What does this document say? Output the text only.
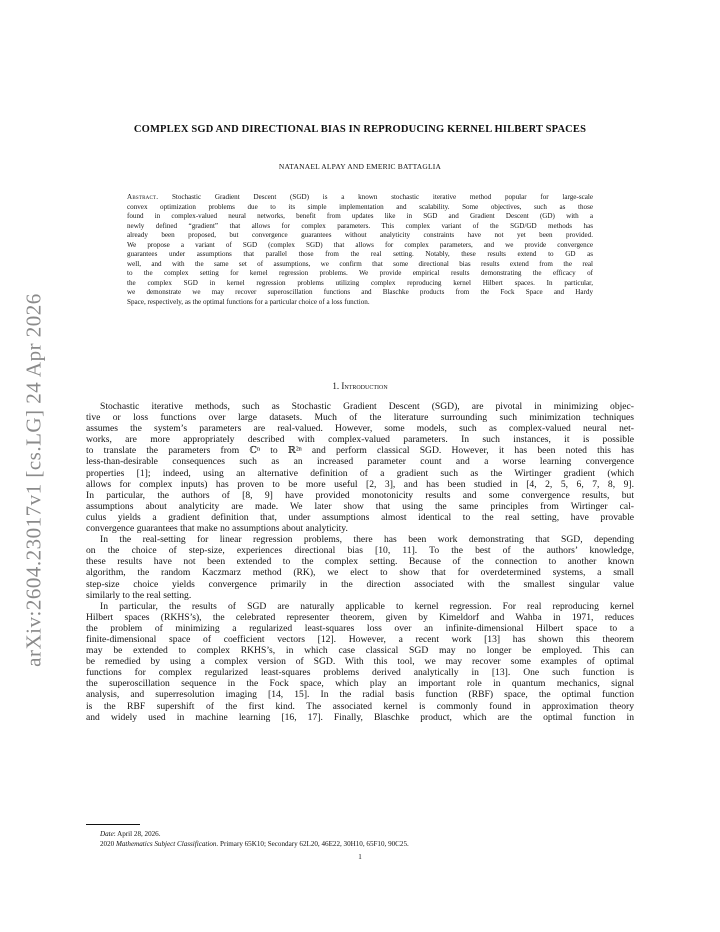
arXiv:2604.23017v1 [cs.LG] 24 Apr 2026
COMPLEX SGD AND DIRECTIONAL BIAS IN REPRODUCING KERNEL HILBERT SPACES
NATANAEL ALPAY AND EMERIC BATTAGLIA
Abstract. Stochastic Gradient Descent (SGD) is a known stochastic iterative method popular for large-scale
convex optimization problems due to its simple implementation and scalability. Some objectives, such as those
found in complex-valued neural networks, benefit from updates like in SGD and Gradient Descent (GD) with a
newly defined “gradient” that allows for complex parameters. This complex variant of the SGD/GD methods has
already been proposed, but convergence guarantees without analyticity constraints have not yet been provided.
We propose a variant of SGD (complex SGD) that allows for complex parameters, and we provide convergence
guarantees under assumptions that parallel those from the real setting. Notably, these results extend to GD as
well, and with the same set of assumptions, we confirm that some directional bias results extend from the real
to the complex setting for kernel regression problems. We provide empirical results demonstrating the efficacy of
the complex SGD in kernel regression problems utilizing complex reproducing kernel Hilbert spaces. In particular,
we demonstrate we may recover superoscillation functions and Blaschke products from the Fock Space and Hardy
Space, respectively, as the optimal functions for a particular choice of a loss function.
1. Introduction
Stochastic iterative methods, such as Stochastic Gradient Descent (SGD), are pivotal in minimizing objec-
tive or loss functions over large datasets. Much of the literature surrounding such minimization techniques
assumes the system’s parameters are real-valued. However, some models, such as complex-valued neural net-
works, are more appropriately described with complex-valued parameters. In such instances, it is possible
to translate the parameters from ℂⁿ to ℝ²ⁿ and perform classical SGD. However, it has been noted this has
less-than-desirable consequences such as an increased parameter count and a worse learning convergence
properties [1]; indeed, using an alternative definition of a gradient such as the Wirtinger gradient (which
allows for complex inputs) has proven to be more useful [2, 3], and has been studied in [4, 2, 5, 6, 7, 8, 9].
In particular, the authors of [8, 9] have provided monotonicity results and some convergence results, but
assumptions about analyticity are made. We later show that using the same principles from Wirtinger cal-
culus yields a gradient definition that, under assumptions almost identical to the real setting, have provable
convergence guarantees that make no assumptions about analyticity.
In the real-setting for linear regression problems, there has been work demonstrating that SGD, depending
on the choice of step-size, experiences directional bias [10, 11]. To the best of the authors’ knowledge,
these results have not been extended to the complex setting. Because of the connection to another known
algorithm, the random Kaczmarz method (RK), we elect to show that for overdetermined systems, a small
step-size choice yields convergence primarily in the direction associated with the smallest singular value
similarly to the real setting.
In particular, the results of SGD are naturally applicable to kernel regression. For real reproducing kernel
Hilbert spaces (RKHS’s), the celebrated representer theorem, given by Kimeldorf and Wahba in 1971, reduces
the problem of minimizing a regularized least-squares loss over an infinite-dimensional Hilbert space to a
finite-dimensional space of coefficient vectors [12]. However, a recent work [13] has shown this theorem
may be extended to complex RKHS’s, in which case classical SGD may no longer be employed. This can
be remedied by using a complex version of SGD. With this tool, we may recover some examples of optimal
functions for complex regularized least-squares problems derived analytically in [13]. One such function is
the superoscillation sequence in the Fock space, which play an important role in quantum mechanics, signal
analysis, and superresolution imaging [14, 15]. In the radial basis function (RBF) space, the optimal function
is the RBF supershift of the first kind. The associated kernel is commonly found in approximation theory
and widely used in machine learning [16, 17]. Finally, Blaschke product, which are the optimal function in
Date: April 28, 2026.
2020 Mathematics Subject Classification. Primary 65K10; Secondary 62L20, 46E22, 30H10, 65F10, 90C25.
1
